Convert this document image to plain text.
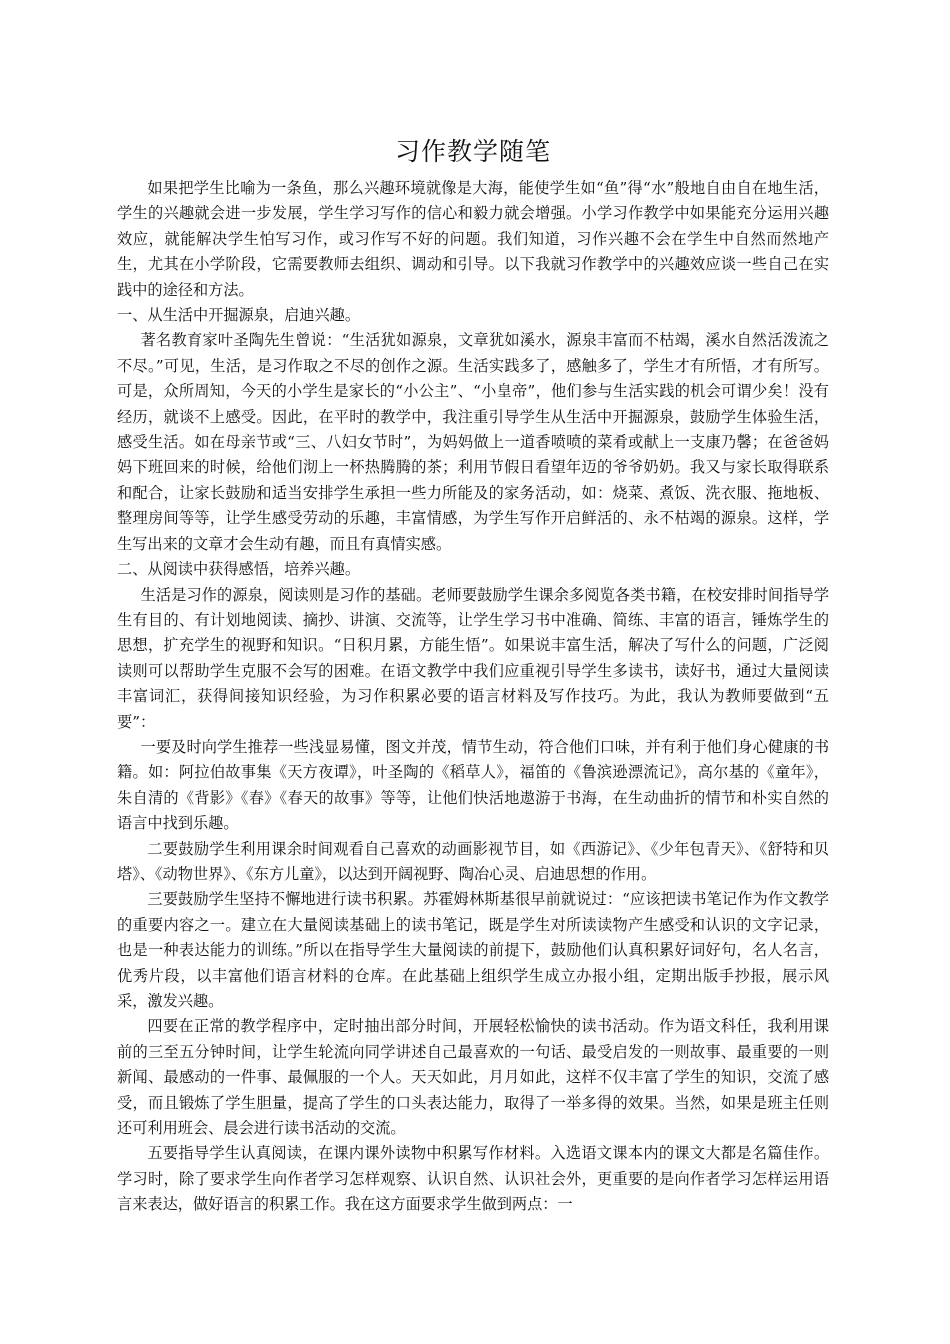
习作教学随笔

如果把学生比喻为一条鱼，那么兴趣环境就像是大海，能使学生如“鱼”得“水”般地自由自在地生活，学生的兴趣就会进一步发展，学生学习写作的信心和毅力就会增强。小学习作教学中如果能充分运用兴趣效应，就能解决学生怕写习作，或习作写不好的问题。我们知道，习作兴趣不会在学生中自然而然地产生，尤其在小学阶段，它需要教师去组织、调动和引导。以下我就习作教学中的兴趣效应谈一些自己在实践中的途径和方法。

一、从生活中开掘源泉，启迪兴趣。

著名教育家叶圣陶先生曾说：“生活犹如源泉，文章犹如溪水，源泉丰富而不枯竭，溪水自然活泼流之不尽。”可见，生活，是习作取之不尽的创作之源。生活实践多了，感触多了，学生才有所悟，才有所写。可是，众所周知，今天的小学生是家长的“小公主”、“小皇帝”，他们参与生活实践的机会可谓少矣！没有经历，就谈不上感受。因此，在平时的教学中，我注重引导学生从生活中开掘源泉，鼓励学生体验生活，感受生活。如在母亲节或“三、八妇女节时”，为妈妈做上一道香喷喷的菜肴或献上一支康乃馨；在爸爸妈妈下班回来的时候，给他们沏上一杯热腾腾的茶；利用节假日看望年迈的爷爷奶奶。我又与家长取得联系和配合，让家长鼓励和适当安排学生承担一些力所能及的家务活动，如：烧菜、煮饭、洗衣服、拖地板、整理房间等等，让学生感受劳动的乐趣，丰富情感，为学生写作开启鲜活的、永不枯竭的源泉。这样，学生写出来的文章才会生动有趣，而且有真情实感。

二、从阅读中获得感悟，培养兴趣。

生活是习作的源泉，阅读则是习作的基础。老师要鼓励学生课余多阅览各类书籍，在校安排时间指导学生有目的、有计划地阅读、摘抄、讲演、交流等，让学生学习书中准确、简练、丰富的语言，锤炼学生的思想，扩充学生的视野和知识。“日积月累，方能生悟”。如果说丰富生活，解决了写什么的问题，广泛阅读则可以帮助学生克服不会写的困难。在语文教学中我们应重视引导学生多读书，读好书，通过大量阅读丰富词汇，获得间接知识经验，为习作积累必要的语言材料及写作技巧。为此，我认为教师要做到“五要”：

一要及时向学生推荐一些浅显易懂，图文并茂，情节生动，符合他们口味，并有利于他们身心健康的书籍。如：阿拉伯故事集《天方夜谭》，叶圣陶的《稻草人》，福笛的《鲁滨逊漂流记》，高尔基的《童年》，朱自清的《背影》《春》《春天的故事》等等，让他们快活地遨游于书海，在生动曲折的情节和朴实自然的语言中找到乐趣。

二要鼓励学生利用课余时间观看自己喜欢的动画影视节目，如《西游记》、《少年包青天》、《舒特和贝塔》、《动物世界》、《东方儿童》，以达到开阔视野、陶冶心灵、启迪思想的作用。

三要鼓励学生坚持不懈地进行读书积累。苏霍姆林斯基很早前就说过：“应该把读书笔记作为作文教学的重要内容之一。建立在大量阅读基础上的读书笔记，既是学生对所读读物产生感受和认识的文字记录，也是一种表达能力的训练。”所以在指导学生大量阅读的前提下，鼓励他们认真积累好词好句，名人名言，优秀片段，以丰富他们语言材料的仓库。在此基础上组织学生成立办报小组，定期出版手抄报，展示风采，激发兴趣。

四要在正常的教学程序中，定时抽出部分时间，开展轻松愉快的读书活动。作为语文科任，我利用课前的三至五分钟时间，让学生轮流向同学讲述自己最喜欢的一句话、最受启发的一则故事、最重要的一则新闻、最感动的一件事、最佩服的一个人。天天如此，月月如此，这样不仅丰富了学生的知识，交流了感受，而且锻炼了学生胆量，提高了学生的口头表达能力，取得了一举多得的效果。当然，如果是班主任则还可利用班会、晨会进行读书活动的交流。

五要指导学生认真阅读，在课内课外读物中积累写作材料。入选语文课本内的课文大都是名篇佳作。学习时，除了要求学生向作者学习怎样观察、认识自然、认识社会外，更重要的是向作者学习怎样运用语言来表达，做好语言的积累工作。我在这方面要求学生做到两点：一
